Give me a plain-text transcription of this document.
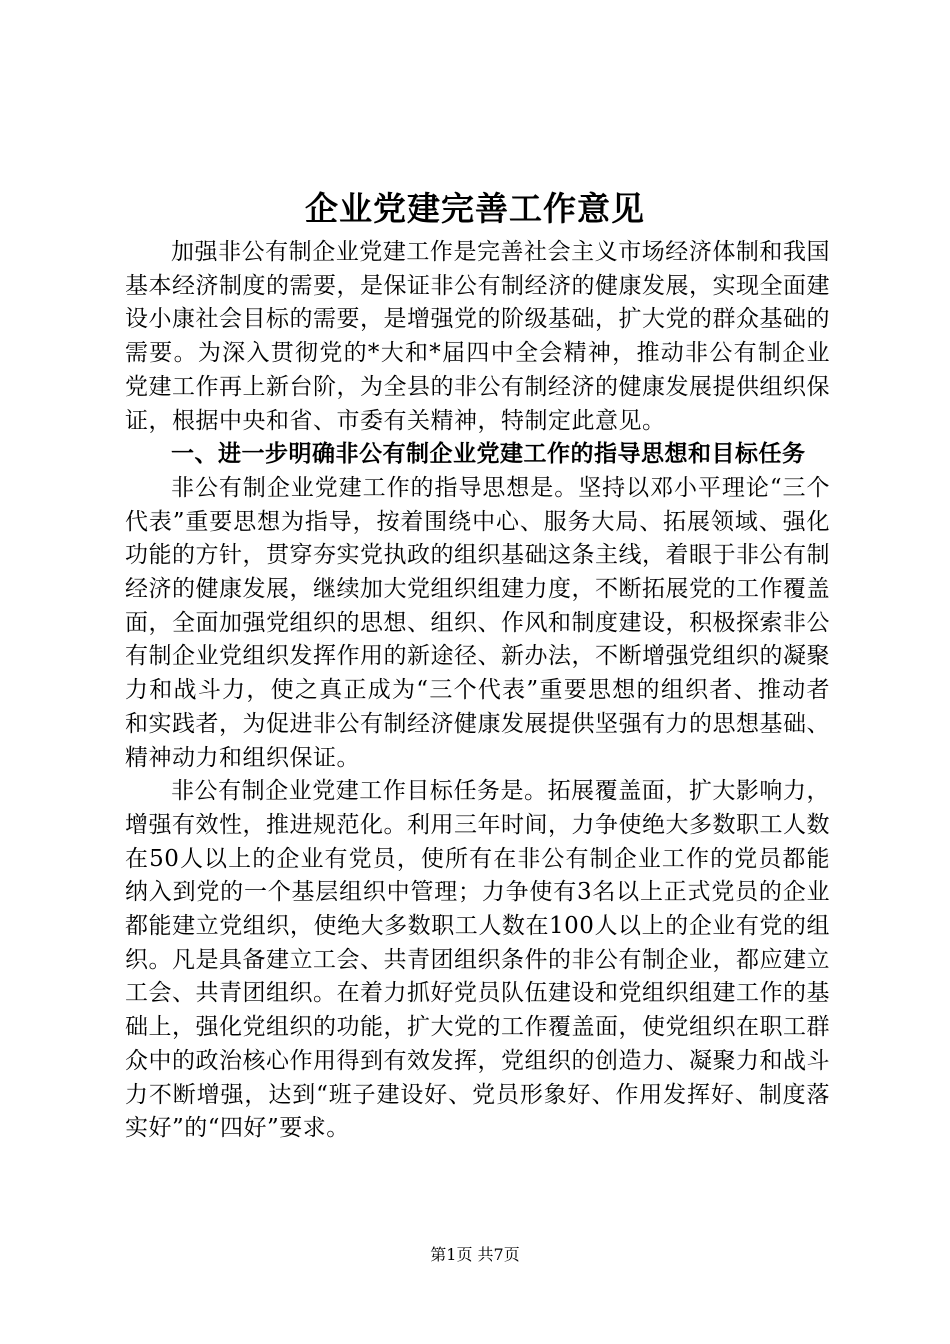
企业党建完善工作意见

加强非公有制企业党建工作是完善社会主义市场经济体制和我国基本经济制度的需要，是保证非公有制经济的健康发展，实现全面建设小康社会目标的需要，是增强党的阶级基础，扩大党的群众基础的需要。为深入贯彻党的*大和*届四中全会精神，推动非公有制企业党建工作再上新台阶，为全县的非公有制经济的健康发展提供组织保证，根据中央和省、市委有关精神，特制定此意见。

一、进一步明确非公有制企业党建工作的指导思想和目标任务

非公有制企业党建工作的指导思想是。坚持以邓小平理论“三个代表”重要思想为指导，按着围绕中心、服务大局、拓展领域、强化功能的方针，贯穿夯实党执政的组织基础这条主线，着眼于非公有制经济的健康发展，继续加大党组织组建力度，不断拓展党的工作覆盖面，全面加强党组织的思想、组织、作风和制度建设，积极探索非公有制企业党组织发挥作用的新途径、新办法，不断增强党组织的凝聚力和战斗力，使之真正成为“三个代表”重要思想的组织者、推动者和实践者，为促进非公有制经济健康发展提供坚强有力的思想基础、精神动力和组织保证。

非公有制企业党建工作目标任务是。拓展覆盖面，扩大影响力，增强有效性，推进规范化。利用三年时间，力争使绝大多数职工人数在50人以上的企业有党员，使所有在非公有制企业工作的党员都能纳入到党的一个基层组织中管理；力争使有3名以上正式党员的企业都能建立党组织，使绝大多数职工人数在100人以上的企业有党的组织。凡是具备建立工会、共青团组织条件的非公有制企业，都应建立工会、共青团组织。在着力抓好党员队伍建设和党组织组建工作的基础上，强化党组织的功能，扩大党的工作覆盖面，使党组织在职工群众中的政治核心作用得到有效发挥，党组织的创造力、凝聚力和战斗力不断增强，达到“班子建设好、党员形象好、作用发挥好、制度落实好”的“四好”要求。

第1页 共7页
